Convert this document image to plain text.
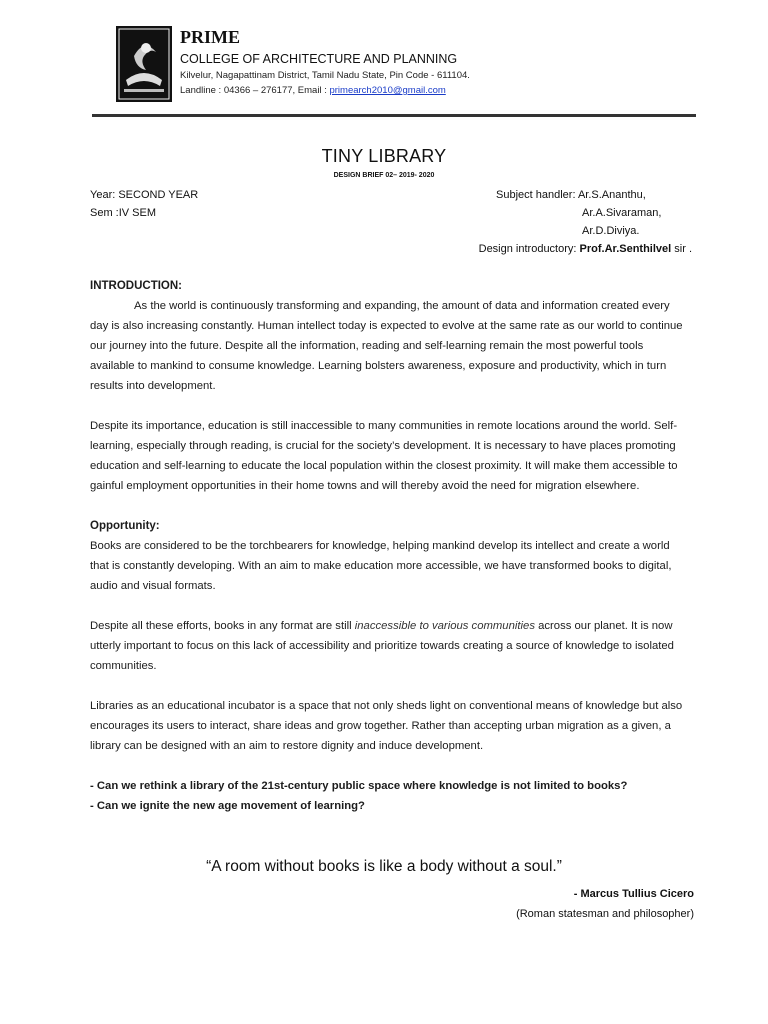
PRIME
COLLEGE OF ARCHITECTURE AND PLANNING
Kilvelur, Nagapattinam District, Tamil Nadu State, Pin Code - 611104.
Landline : 04366 – 276177, Email : primearch2010@gmail.com
TINY LIBRARY
DESIGN BRIEF 02– 2019- 2020
Year: SECOND YEAR
Sem :IV SEM
Subject handler: Ar.S.Ananthu,
Ar.A.Sivaraman,
Ar.D.Diviya.
Design introductory: Prof.Ar.Senthilvel sir .

INTRODUCTION:

As the world is continuously transforming and expanding, the amount of data and information created every day is also increasing constantly. Human intellect today is expected to evolve at the same rate as our world to continue our journey into the future. Despite all the information, reading and self-learning remain the most powerful tools available to mankind to consume knowledge. Learning bolsters awareness, exposure and productivity, which in turn results into development.

Despite its importance, education is still inaccessible to many communities in remote locations around the world. Self-learning, especially through reading, is crucial for the society’s development. It is necessary to have places promoting education and self-learning to educate the local population within the closest proximity. It will make them accessible to gainful employment opportunities in their home towns and will thereby avoid the need for migration elsewhere.

Opportunity:

Books are considered to be the torchbearers for knowledge, helping mankind develop its intellect and create a world that is constantly developing. With an aim to make education more accessible, we have transformed books to digital, audio and visual formats.

Despite all these efforts, books in any format are still inaccessible to various communities across our planet. It is now utterly important to focus on this lack of accessibility and prioritize towards creating a source of knowledge to isolated communities.

Libraries as an educational incubator is a space that not only sheds light on conventional means of knowledge but also encourages its users to interact, share ideas and grow together. Rather than accepting urban migration as a given, a library can be designed with an aim to restore dignity and induce development.

- Can we rethink a library of the 21st-century public space where knowledge is not limited to books?

- Can we ignite the new age movement of learning?

“A room without books is like a body without a soul.”
- Marcus Tullius Cicero
(Roman statesman and philosopher)
